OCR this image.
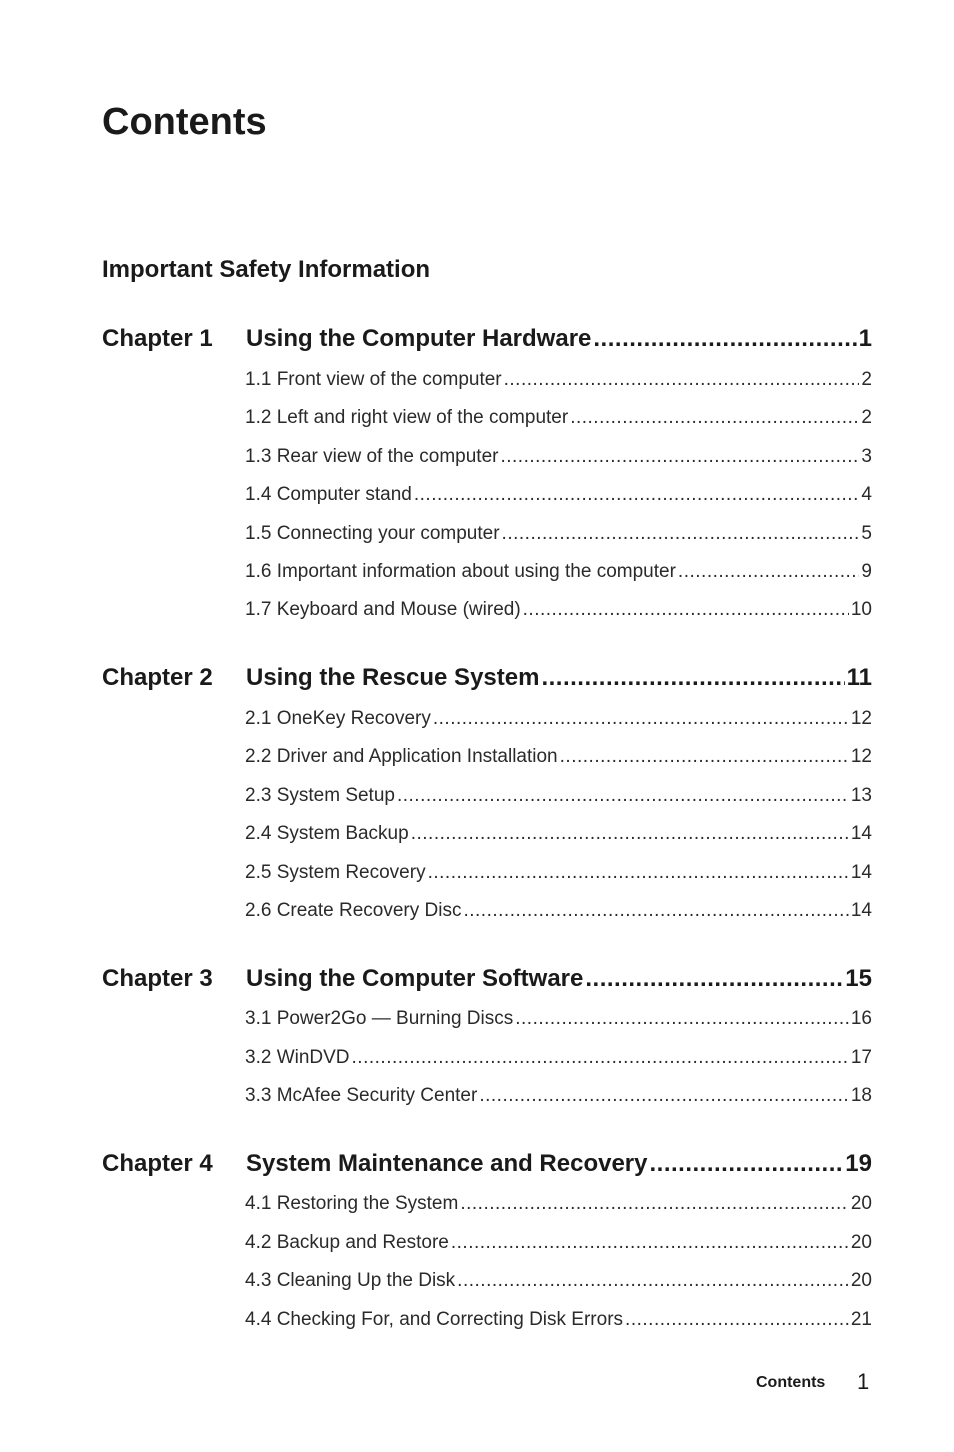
Contents
Important Safety Information
Chapter 1 Using the Computer Hardware .....	1
1.1 Front view of the computer .....	2
1.2 Left and right view of the computer .....	2
1.3 Rear view of the computer .....	3
1.4 Computer stand .....	4
1.5 Connecting your computer .....	5
1.6 Important information about using the computer .....	9
1.7 Keyboard and Mouse (wired) .....	10
Chapter 2 Using the Rescue System .....	11
2.1 OneKey Recovery .....	12
2.2 Driver and Application Installation .....	12
2.3 System Setup .....	13
2.4 System Backup .....	14
2.5 System Recovery .....	14
2.6 Create Recovery Disc .....	14
Chapter 3 Using the Computer Software .....	15
3.1 Power2Go — Burning Discs .....	16
3.2 WinDVD .....	17
3.3 McAfee Security Center .....	18
Chapter 4 System Maintenance and Recovery .....	19
4.1 Restoring the System .....	20
4.2 Backup and Restore .....	20
4.3 Cleaning Up the Disk .....	20
4.4 Checking For, and Correcting Disk Errors .....	21
Contents 1
